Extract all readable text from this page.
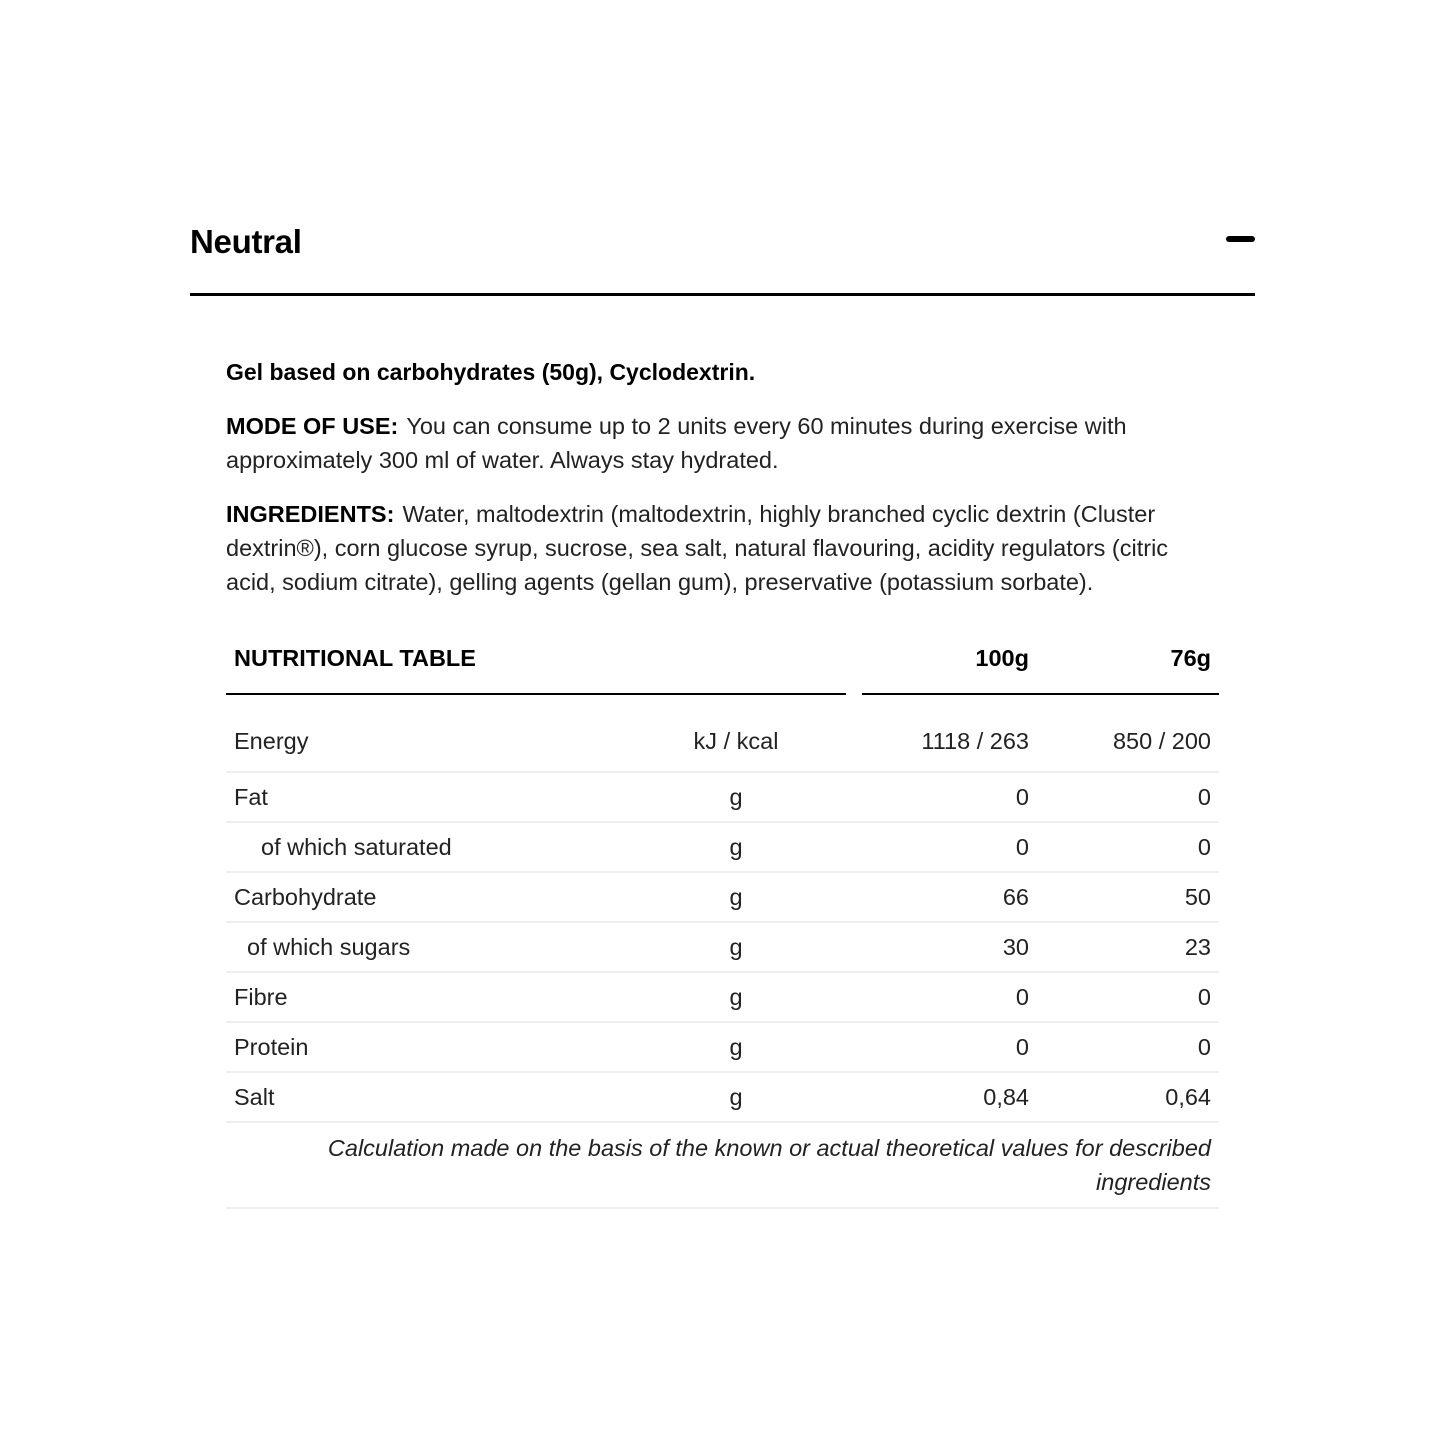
Neutral

Gel based on carbohydrates (50g), Cyclodextrin.

MODE OF USE: You can consume up to 2 units every 60 minutes during exercise with approximately 300 ml of water. Always stay hydrated.

INGREDIENTS: Water, maltodextrin (maltodextrin, highly branched cyclic dextrin (Cluster dextrin®), corn glucose syrup, sucrose, sea salt, natural flavouring, acidity regulators (citric acid, sodium citrate), gelling agents (gellan gum), preservative (potassium sorbate).

NUTRITIONAL TABLE			100g	76g
Energy	kJ / kcal		1118 / 263	850 / 200
Fat	g		0	0
of which saturated	g		0	0
Carbohydrate	g		66	50
of which sugars	g		30	23
Fibre	g		0	0
Protein	g		0	0
Salt	g		0,84	0,64
Calculation made on the basis of the known or actual theoretical values for described ingredients				
